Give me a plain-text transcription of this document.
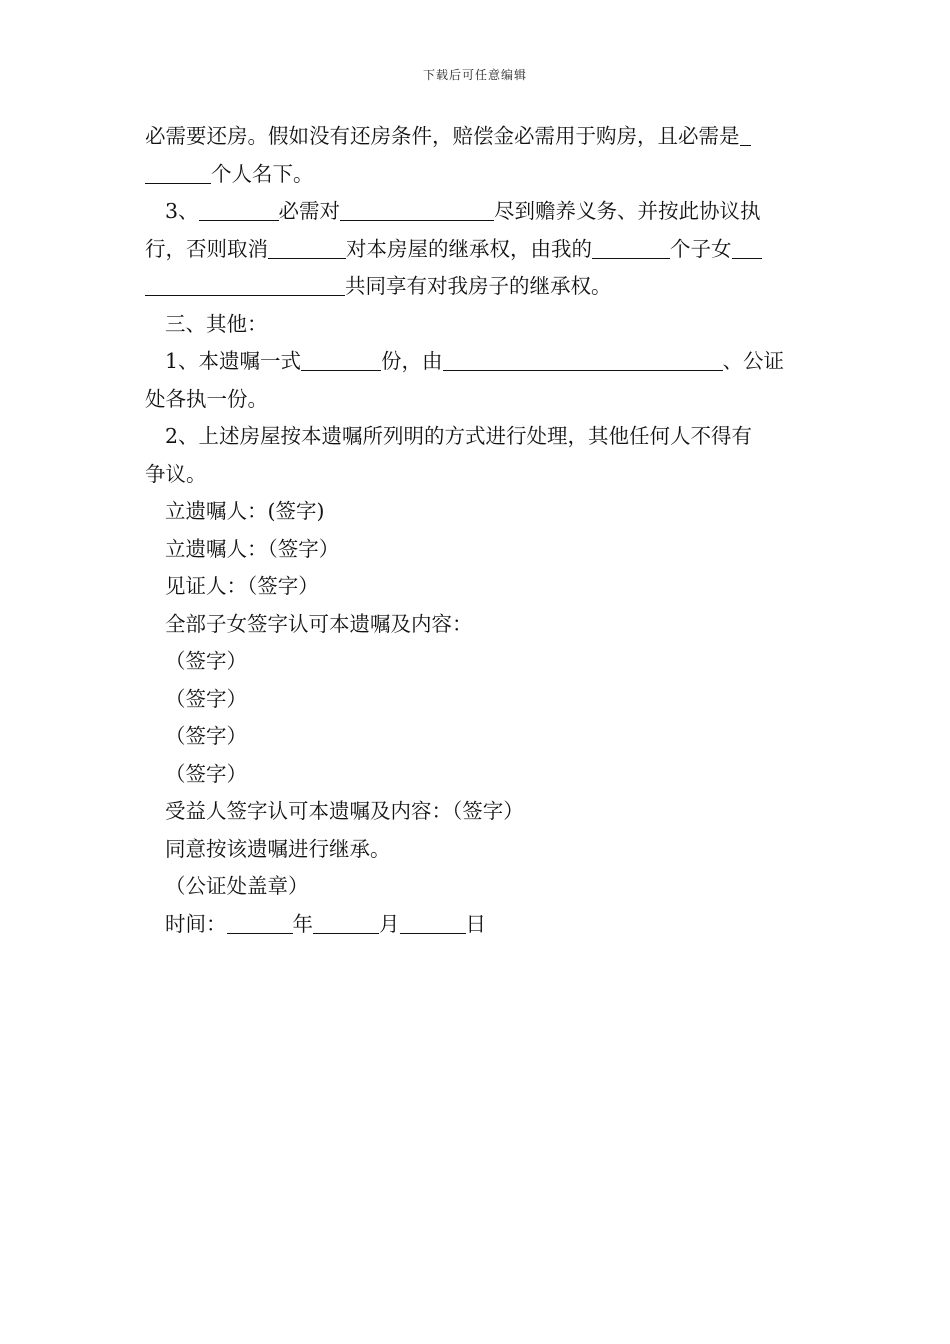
下载后可任意编辑
必需要还房。假如没有还房条件，赔偿金必需用于购房，且必需是
个人名下。
3、	必需对	尽到赡养义务、并按此协议执
行，否则取消	对本房屋的继承权，由我的	个子女
共同享有对我房子的继承权。
三、其他：
1、本遗嘱一式	份，由	、公证
处各执一份。
2、上述房屋按本遗嘱所列明的方式进行处理，其他任何人不得有
争议。
立遗嘱人：(签字)
立遗嘱人：（签字）
见证人：（签字）
全部子女签字认可本遗嘱及内容：
（签字）
（签字）
（签字）
（签字）
受益人签字认可本遗嘱及内容：（签字）
同意按该遗嘱进行继承。
（公证处盖章）
时间：	年	月	日
